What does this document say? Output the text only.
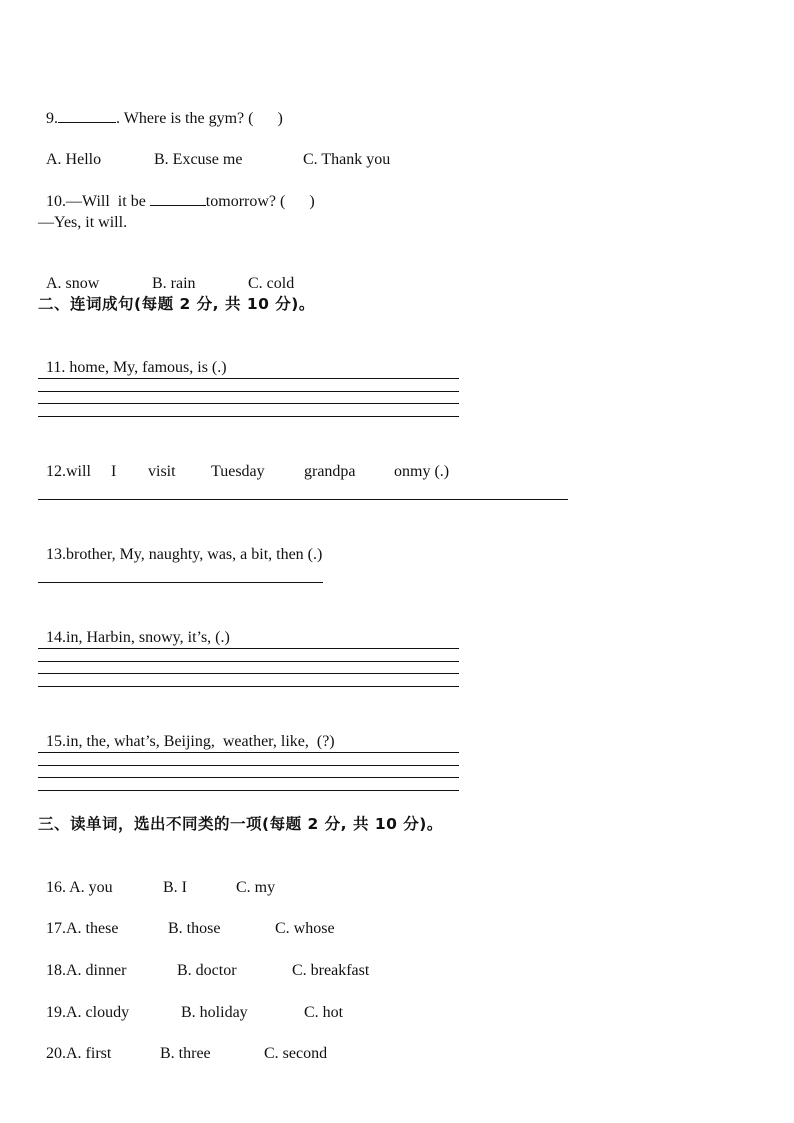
9.	. Where is the gym? (      )

A. Hello	B. Excuse me	C. Thank you

10.—Will  it be	tomorrow? (      )

—Yes, it will.

A. snow	B. rain	C. cold

二、连词成句(每题 2 分, 共 10 分)。

11. home, My, famous, is (.)

12.will I visit Tuesday grandpa onmy (.)

13.brother, My, naughty, was, a bit, then (.)

14.in, Harbin, snowy, it’s, (.)

15.in, the, what’s, Beijing,  weather, like,  (?)

三、读单词，选出不同类的一项(每题 2 分, 共 10 分)。

16. A. you	B. I	C. my

17.A. these	B. those	C. whose

18.A. dinner	B. doctor	C. breakfast

19.A. cloudy	B. holiday	C. hot

20.A. first	B. three	C. second
